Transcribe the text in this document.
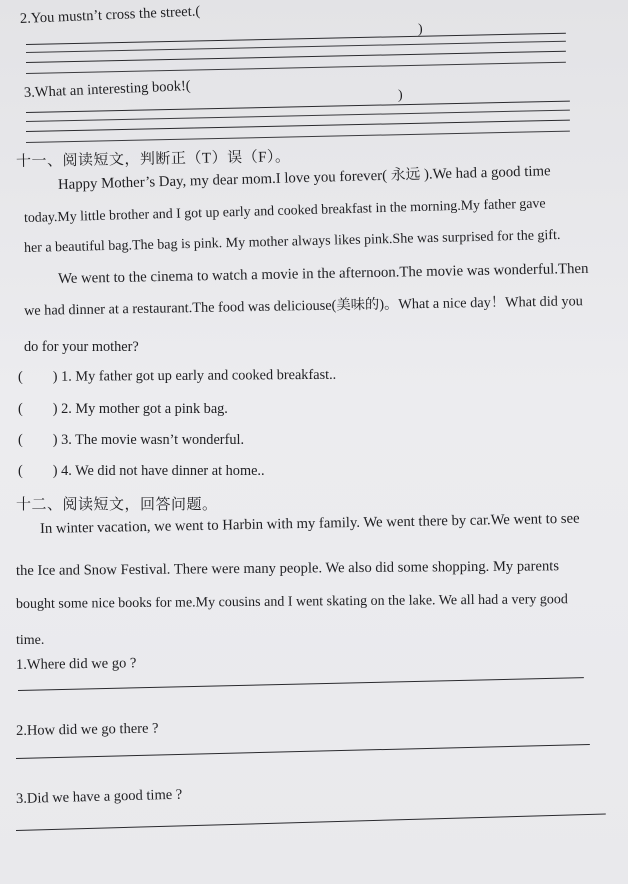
2.You mustn’t cross the street.(
)
3.What an interesting book!(	)
十一、阅读短文，判断正（T）误（F）。
Happy Mother’s Day, my dear mom.I love you forever( 永远 ).We had a good time
today.My little brother and I got up early and cooked breakfast in the morning.My father gave
her a beautiful bag.The bag is pink. My mother always likes pink.She was surprised for the gift.
We went to the cinema to watch a movie in the afternoon.The movie was wonderful.Then
we had dinner at a restaurant.The food was deliciouse(美味的)。What a nice day！What did you
do for your mother?
( ) 1. My father got up early and cooked breakfast..
( ) 2. My mother got a pink bag.
( ) 3. The movie wasn’t wonderful.
( ) 4. We did not have dinner at home..
十二、阅读短文，回答问题。
In winter vacation, we went to Harbin with my family. We went there by car.We went to see
the Ice and Snow Festival. There were many people. We also did some shopping. My parents
bought some nice books for me.My cousins and I went skating on the lake. We all had a very good
time.
1.Where did we go ?
2.How did we go there ?
3.Did we have a good time ?
